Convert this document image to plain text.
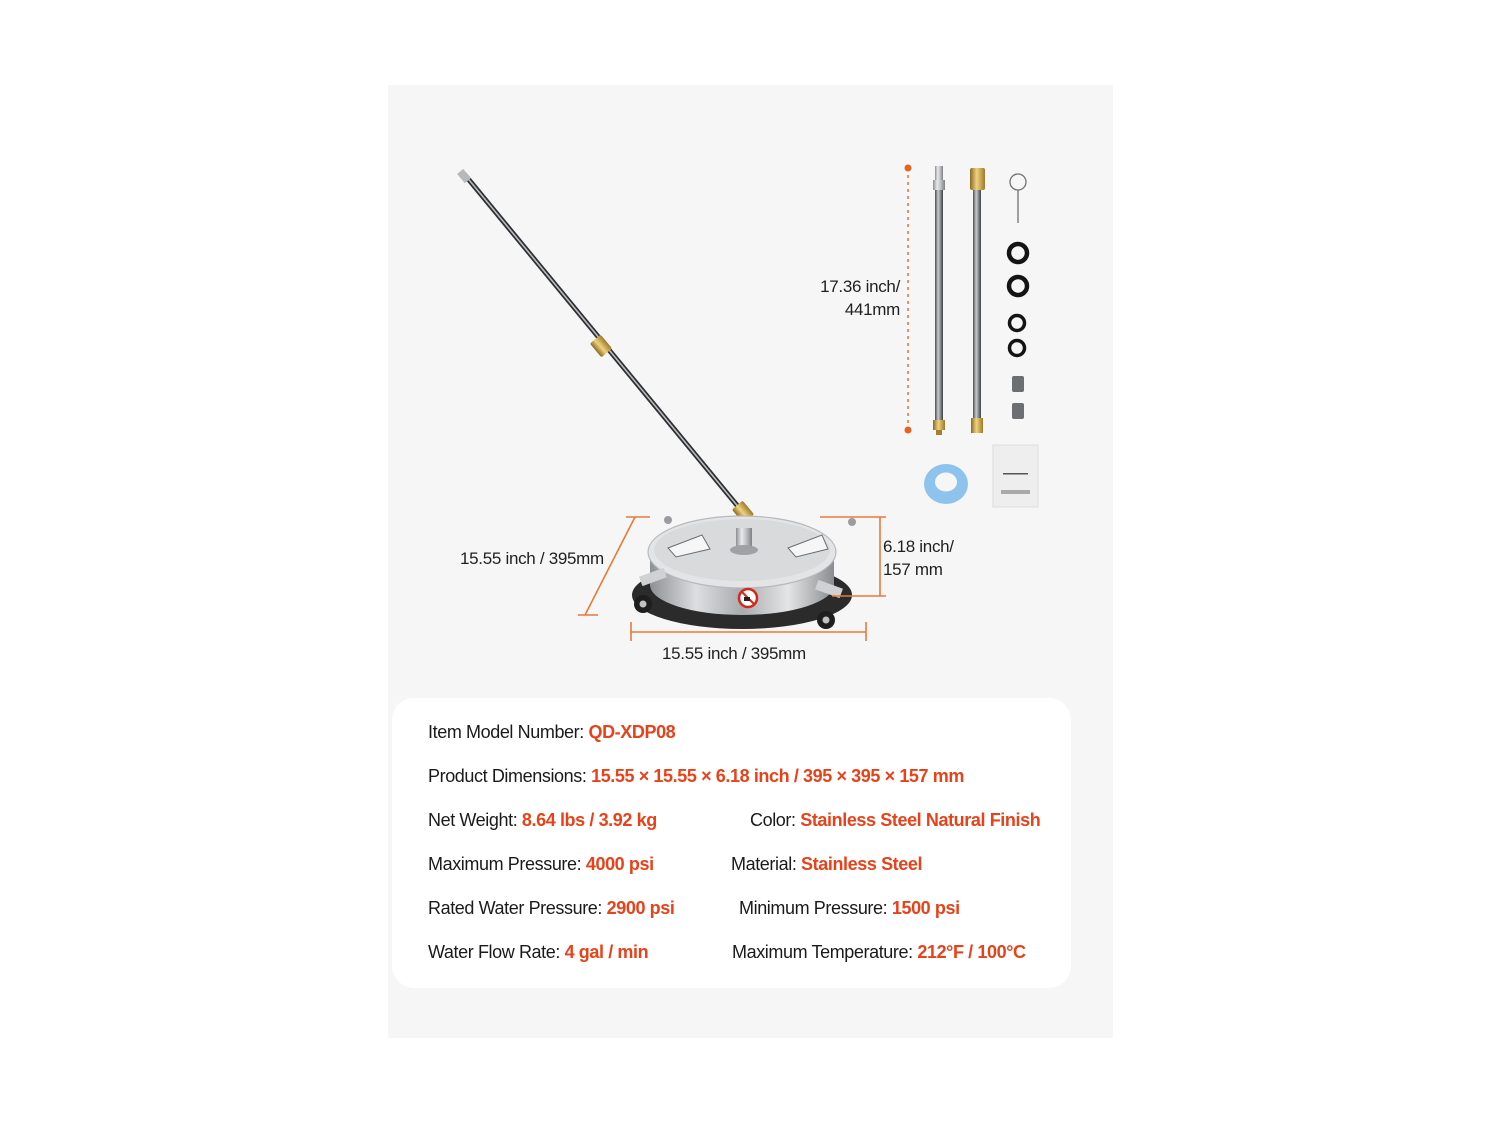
17.36 inch/
441mm
15.55 inch / 395mm
6.18 inch/
157 mm
15.55 inch / 395mm
Item Model Number: QD-XDP08
Product Dimensions: 15.55 × 15.55 × 6.18 inch / 395 × 395 × 157 mm
Net Weight: 8.64 lbs / 3.92 kg	Color: Stainless Steel Natural Finish
Maximum Pressure: 4000 psi	Material: Stainless Steel
Rated Water Pressure: 2900 psi	Minimum Pressure: 1500 psi
Water Flow Rate: 4 gal / min	Maximum Temperature: 212°F / 100°C
